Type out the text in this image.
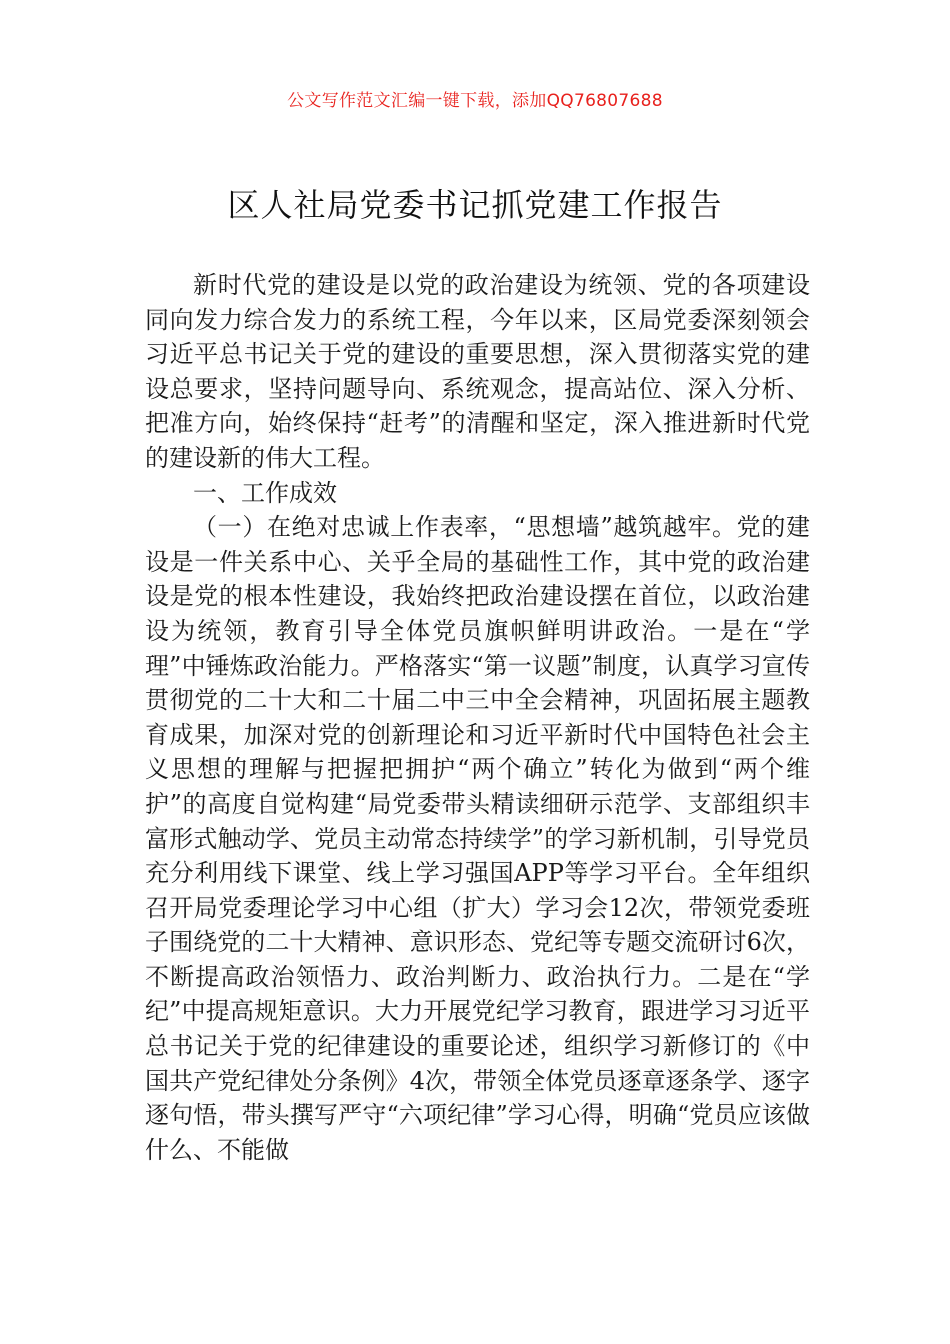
公文写作范文汇编一键下载，添加QQ76807688
区人社局党委书记抓党建工作报告

新时代党的建设是以党的政治建设为统领、党的各项建设同向发力综合发力的系统工程，今年以来，区局党委深刻领会习近平总书记关于党的建设的重要思想，深入贯彻落实党的建设总要求，坚持问题导向、系统观念，提高站位、深入分析、把准方向，始终保持“赶考”的清醒和坚定，深入推进新时代党的建设新的伟大工程。

一、工作成效

（一）在绝对忠诚上作表率，“思想墙”越筑越牢。党的建设是一件关系中心、关乎全局的基础性工作，其中党的政治建设是党的根本性建设，我始终把政治建设摆在首位，以政治建设为统领，教育引导全体党员旗帜鲜明讲政治。一是在“学理”中锤炼政治能力。严格落实“第一议题”制度，认真学习宣传贯彻党的二十大和二十届二中三中全会精神，巩固拓展主题教育成果，加深对党的创新理论和习近平新时代中国特色社会主义思想的理解与把握把拥护“两个确立”转化为做到“两个维护”的高度自觉构建“局党委带头精读细研示范学、支部组织丰富形式触动学、党员主动常态持续学”的学习新机制，引导党员充分利用线下课堂、线上学习强国APP等学习平台。全年组织召开局党委理论学习中心组（扩大）学习会12次，带领党委班子围绕党的二十大精神、意识形态、党纪等专题交流研讨6次，不断提高政治领悟力、政治判断力、政治执行力。二是在“学纪”中提高规矩意识。大力开展党纪学习教育，跟进学习习近平总书记关于党的纪律建设的重要论述，组织学习新修订的《中国共产党纪律处分条例》4次，带领全体党员逐章逐条学、逐字逐句悟，带头撰写严守“六项纪律”学习心得，明确“党员应该做什么、不能做
